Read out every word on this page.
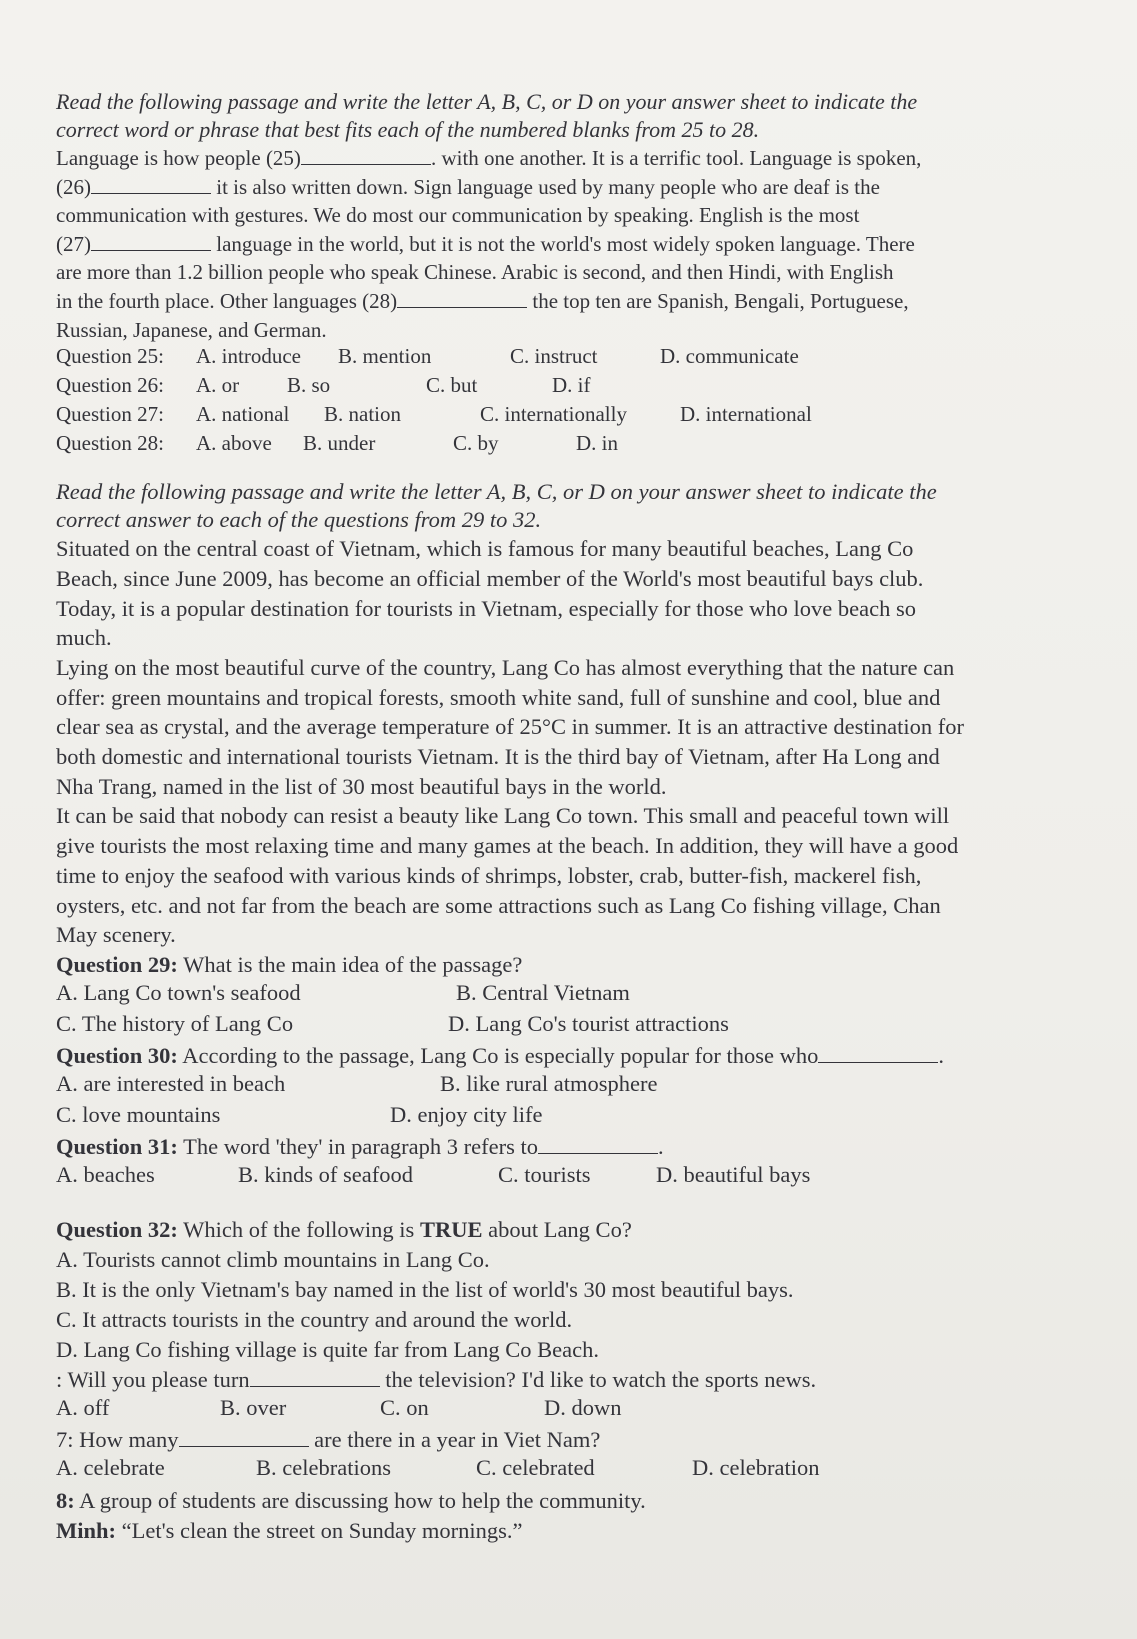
Read the following passage and write the letter A, B, C, or D on your answer sheet to indicate the

correct word or phrase that best fits each of the numbered blanks from 25 to 28.

Language is how people (25)	. with one another. It is a terrific tool. Language is spoken,

(26)	it is also written down. Sign language used by many people who are deaf is the

communication with gestures. We do most our communication by speaking. English is the most

(27)	language in the world, but it is not the world's most widely spoken language. There

are more than 1.2 billion people who speak Chinese. Arabic is second, and then Hindi, with English

in the fourth place. Other languages (28)	the top ten are Spanish, Bengali, Portuguese,

Russian, Japanese, and German.

Question 25: A. introduce B. mention	C. instruct	D. communicate
Question 26: A. or B. so	C. but	D. if
Question 27: A. national B. nation	C. internationally	D. international
Question 28: A. above B. under	C. by	D. in

Read the following passage and write the letter A, B, C, or D on your answer sheet to indicate the

correct answer to each of the questions from 29 to 32.

Situated on the central coast of Vietnam, which is famous for many beautiful beaches, Lang Co

Beach, since June 2009, has become an official member of the World's most beautiful bays club.

Today, it is a popular destination for tourists in Vietnam, especially for those who love beach so

much.

Lying on the most beautiful curve of the country, Lang Co has almost everything that the nature can

offer: green mountains and tropical forests, smooth white sand, full of sunshine and cool, blue and

clear sea as crystal, and the average temperature of 25°C in summer. It is an attractive destination for

both domestic and international tourists Vietnam. It is the third bay of Vietnam, after Ha Long and

Nha Trang, named in the list of 30 most beautiful bays in the world.

It can be said that nobody can resist a beauty like Lang Co town. This small and peaceful town will

give tourists the most relaxing time and many games at the beach. In addition, they will have a good

time to enjoy the seafood with various kinds of shrimps, lobster, crab, butter-fish, mackerel fish,

oysters, etc. and not far from the beach are some attractions such as Lang Co fishing village, Chan

May scenery.

Question 29: What is the main idea of the passage?

A. Lang Co town's seafood	B. Central Vietnam
C. The history of Lang Co	D. Lang Co's tourist attractions

Question 30: According to the passage, Lang Co is especially popular for those who	.

A. are interested in beach	B. like rural atmosphere
C. love mountains	D. enjoy city life

Question 31: The word 'they' in paragraph 3 refers to	.

A. beaches	B. kinds of seafood	C. tourists	D. beautiful bays

Question 32: Which of the following is TRUE about Lang Co?

A. Tourists cannot climb mountains in Lang Co.

B. It is the only Vietnam's bay named in the list of world's 30 most beautiful bays.

C. It attracts tourists in the country and around the world.

D. Lang Co fishing village is quite far from Lang Co Beach.

: Will you please turn	the television? I'd like to watch the sports news.

A. off	B. over	C. on	D. down

7: How many	are there in a year in Viet Nam?

A. celebrate	B. celebrations	C. celebrated	D. celebration

8: A group of students are discussing how to help the community.

Minh: “Let's clean the street on Sunday mornings.”
